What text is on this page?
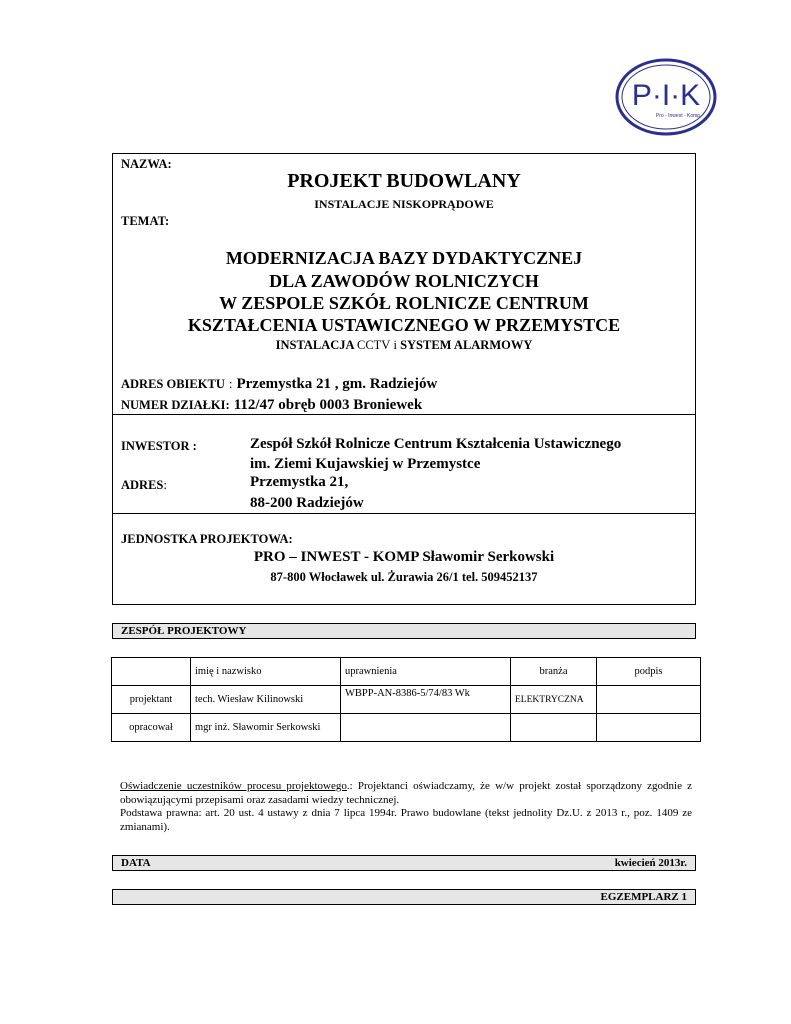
P·I·K
Pro - Inwest - Komp
NAZWA:
PROJEKT BUDOWLANY
INSTALACJE NISKOPRĄDOWE
TEMAT:
MODERNIZACJA BAZY DYDAKTYCZNEJ
DLA ZAWODÓW ROLNICZYCH
W ZESPOLE SZKÓŁ ROLNICZE CENTRUM
KSZTAŁCENIA USTAWICZNEGO W PRZEMYSTCE
INSTALACJA CCTV i SYSTEM ALARMOWY
ADRES OBIEKTU : Przemystka 21 , gm. Radziejów
NUMER DZIAŁKI: 112/47 obręb 0003 Broniewek
INWESTOR :	Zespół Szkół Rolnicze Centrum Kształcenia Ustawicznego
im. Ziemi Kujawskiej w Przemystce
ADRES:	Przemystka 21,
88-200 Radziejów
JEDNOSTKA PROJEKTOWA:
PRO – INWEST - KOMP Sławomir Serkowski
87-800 Włocławek ul. Żurawia 26/1 tel. 509452137
ZESPÓŁ PROJEKTOWY
	imię i nazwisko	uprawnienia	branża	podpis
projektant	tech. Wiesław Kilinowski	WBPP-AN-8386-5/74/83 Wk	ELEKTRYCZNA	
opracował	mgr inż. Sławomir Serkowski			
Oświadczenie uczestników procesu projektowego.: Projektanci oświadczamy, że w/w projekt został sporządzony zgodnie z obowiązującymi przepisami oraz zasadami wiedzy technicznej.
Podstawa prawna: art. 20 ust. 4 ustawy z dnia 7 lipca 1994r. Prawo budowlane (tekst jednolity Dz.U. z 2013 r., poz. 1409 ze zmianami).
DATA	kwiecień 2013r.
EGZEMPLARZ 1
